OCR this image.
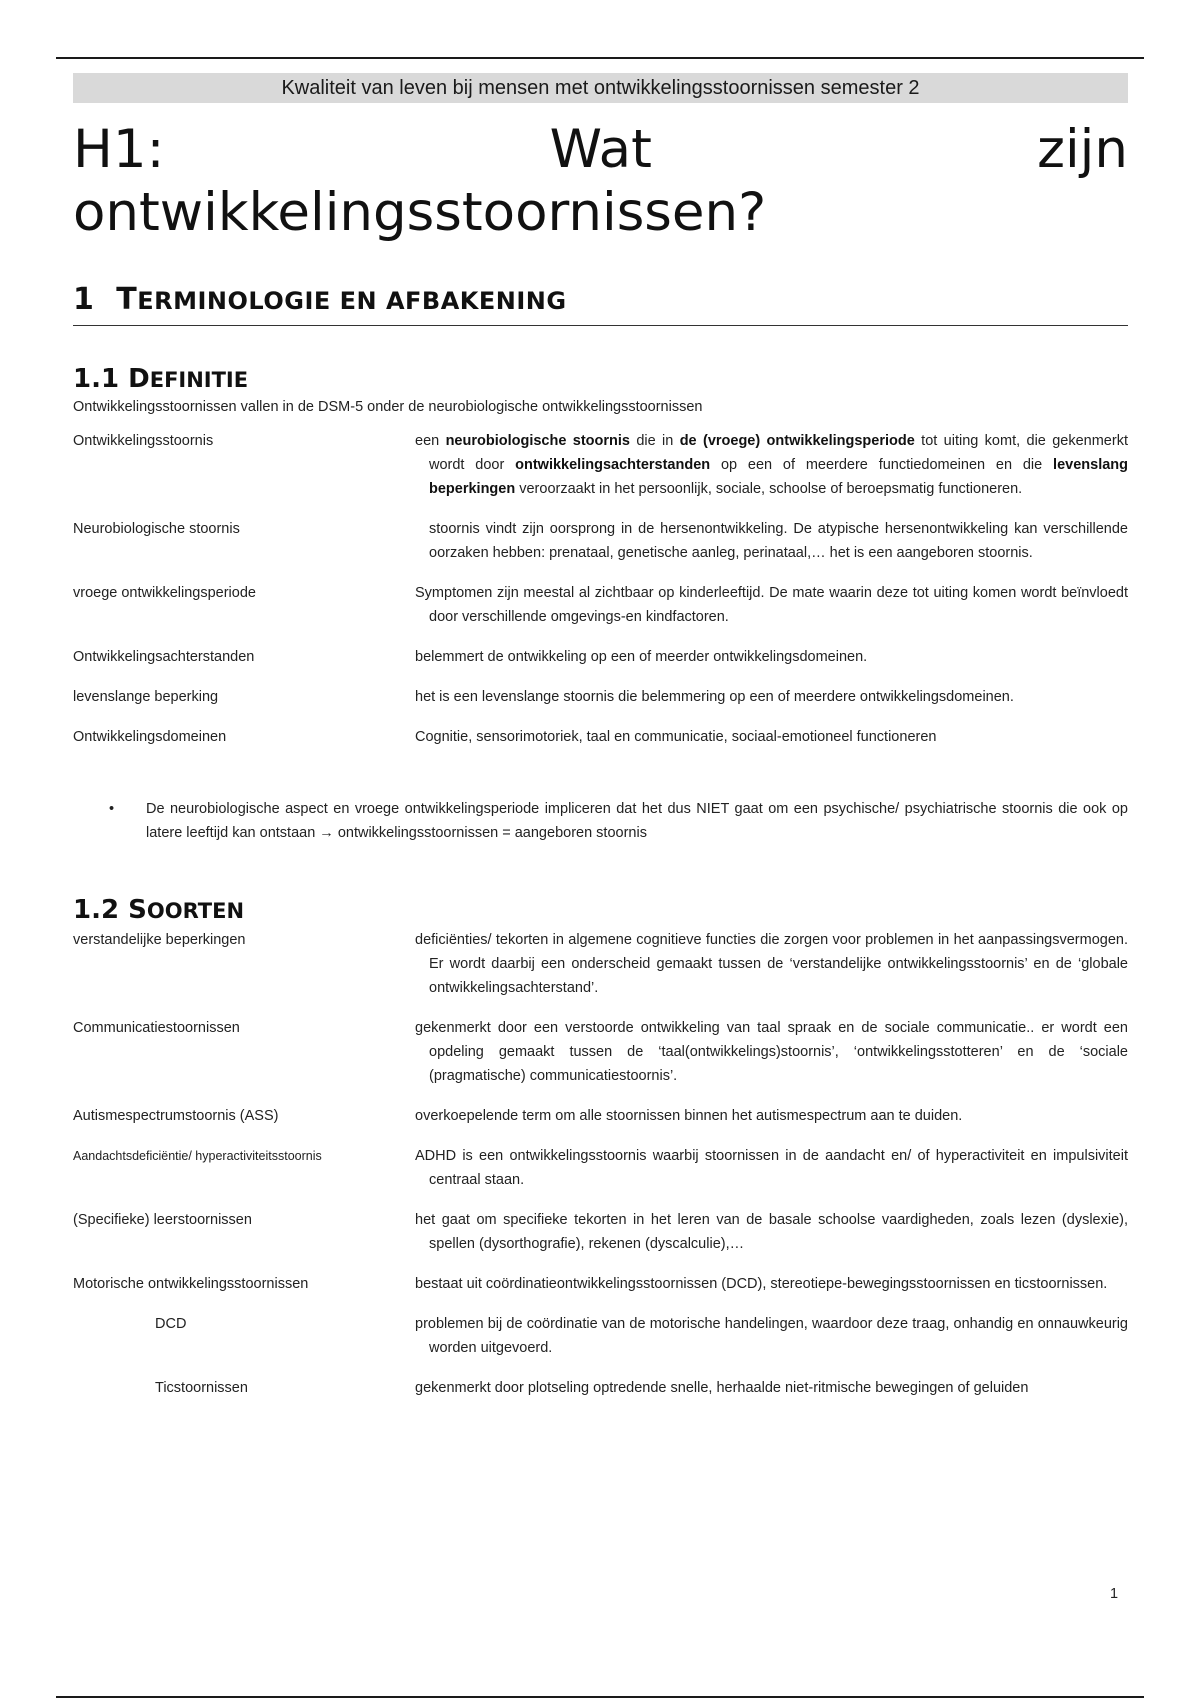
Kwaliteit van leven bij mensen met ontwikkelingsstoornissen semester 2
H1:	Wat	zijn
ontwikkelingsstoornissen?
1 TERMINOLOGIE EN AFBAKENING
1.1 DEFINITIE
Ontwikkelingsstoornissen vallen in de DSM-5 onder de neurobiologische ontwikkelingsstoornissen
Ontwikkelingsstoornis	een neurobiologische stoornis die in de (vroege) ontwikkelingsperiode tot uiting komt, die gekenmerkt wordt door ontwikkelingsachterstanden op een of meerdere functiedomeinen en die levenslang beperkingen veroorzaakt in het persoonlijk, sociale, schoolse of beroepsmatig functioneren.
Neurobiologische stoornis	stoornis vindt zijn oorsprong in de hersenontwikkeling. De atypische hersenontwikkeling kan verschillende oorzaken hebben: prenataal, genetische aanleg, perinataal,… het is een aangeboren stoornis.
vroege ontwikkelingsperiode	Symptomen zijn meestal al zichtbaar op kinderleeftijd. De mate waarin deze tot uiting komen wordt beïnvloedt door verschillende omgevings-en kindfactoren.
Ontwikkelingsachterstanden	belemmert de ontwikkeling op een of meerder ontwikkelingsdomeinen.
levenslange beperking	het is een levenslange stoornis die belemmering op een of meerdere ontwikkelingsdomeinen.
Ontwikkelingsdomeinen	Cognitie, sensorimotoriek, taal en communicatie, sociaal-emotioneel functioneren
•	De neurobiologische aspect en vroege ontwikkelingsperiode impliceren dat het dus NIET gaat om een psychische/ psychiatrische stoornis die ook op latere leeftijd kan ontstaan → ontwikkelingsstoornissen = aangeboren stoornis
1.2 SOORTEN
verstandelijke beperkingen	deficiënties/ tekorten in algemene cognitieve functies die zorgen voor problemen in het aanpassingsvermogen. Er wordt daarbij een onderscheid gemaakt tussen de ‘verstandelijke ontwikkelingsstoornis’ en de ‘globale ontwikkelingsachterstand’.
Communicatiestoornissen	gekenmerkt door een verstoorde ontwikkeling van taal spraak en de sociale communicatie.. er wordt een opdeling gemaakt tussen de ‘taal(ontwikkelings)stoornis’, ‘ontwikkelingsstotteren’ en de ‘sociale (pragmatische) communicatiestoornis’.
Autismespectrumstoornis (ASS)	overkoepelende term om alle stoornissen binnen het autismespectrum aan te duiden.
Aandachtsdeficiëntie/ hyperactiviteitsstoornis	ADHD is een ontwikkelingsstoornis waarbij stoornissen in de aandacht en/ of hyperactiviteit en impulsiviteit centraal staan.
(Specifieke) leerstoornissen	het gaat om specifieke tekorten in het leren van de basale schoolse vaardigheden, zoals lezen (dyslexie), spellen (dysorthografie), rekenen (dyscalculie),…
Motorische ontwikkelingsstoornissen	bestaat uit coördinatieontwikkelingsstoornissen (DCD), stereotiepe-bewegingsstoornissen en ticstoornissen.
DCD	problemen bij de coördinatie van de motorische handelingen, waardoor deze traag, onhandig en onnauwkeurig worden uitgevoerd.
Ticstoornissen	gekenmerkt door plotseling optredende snelle, herhaalde niet-ritmische bewegingen of geluiden
1
